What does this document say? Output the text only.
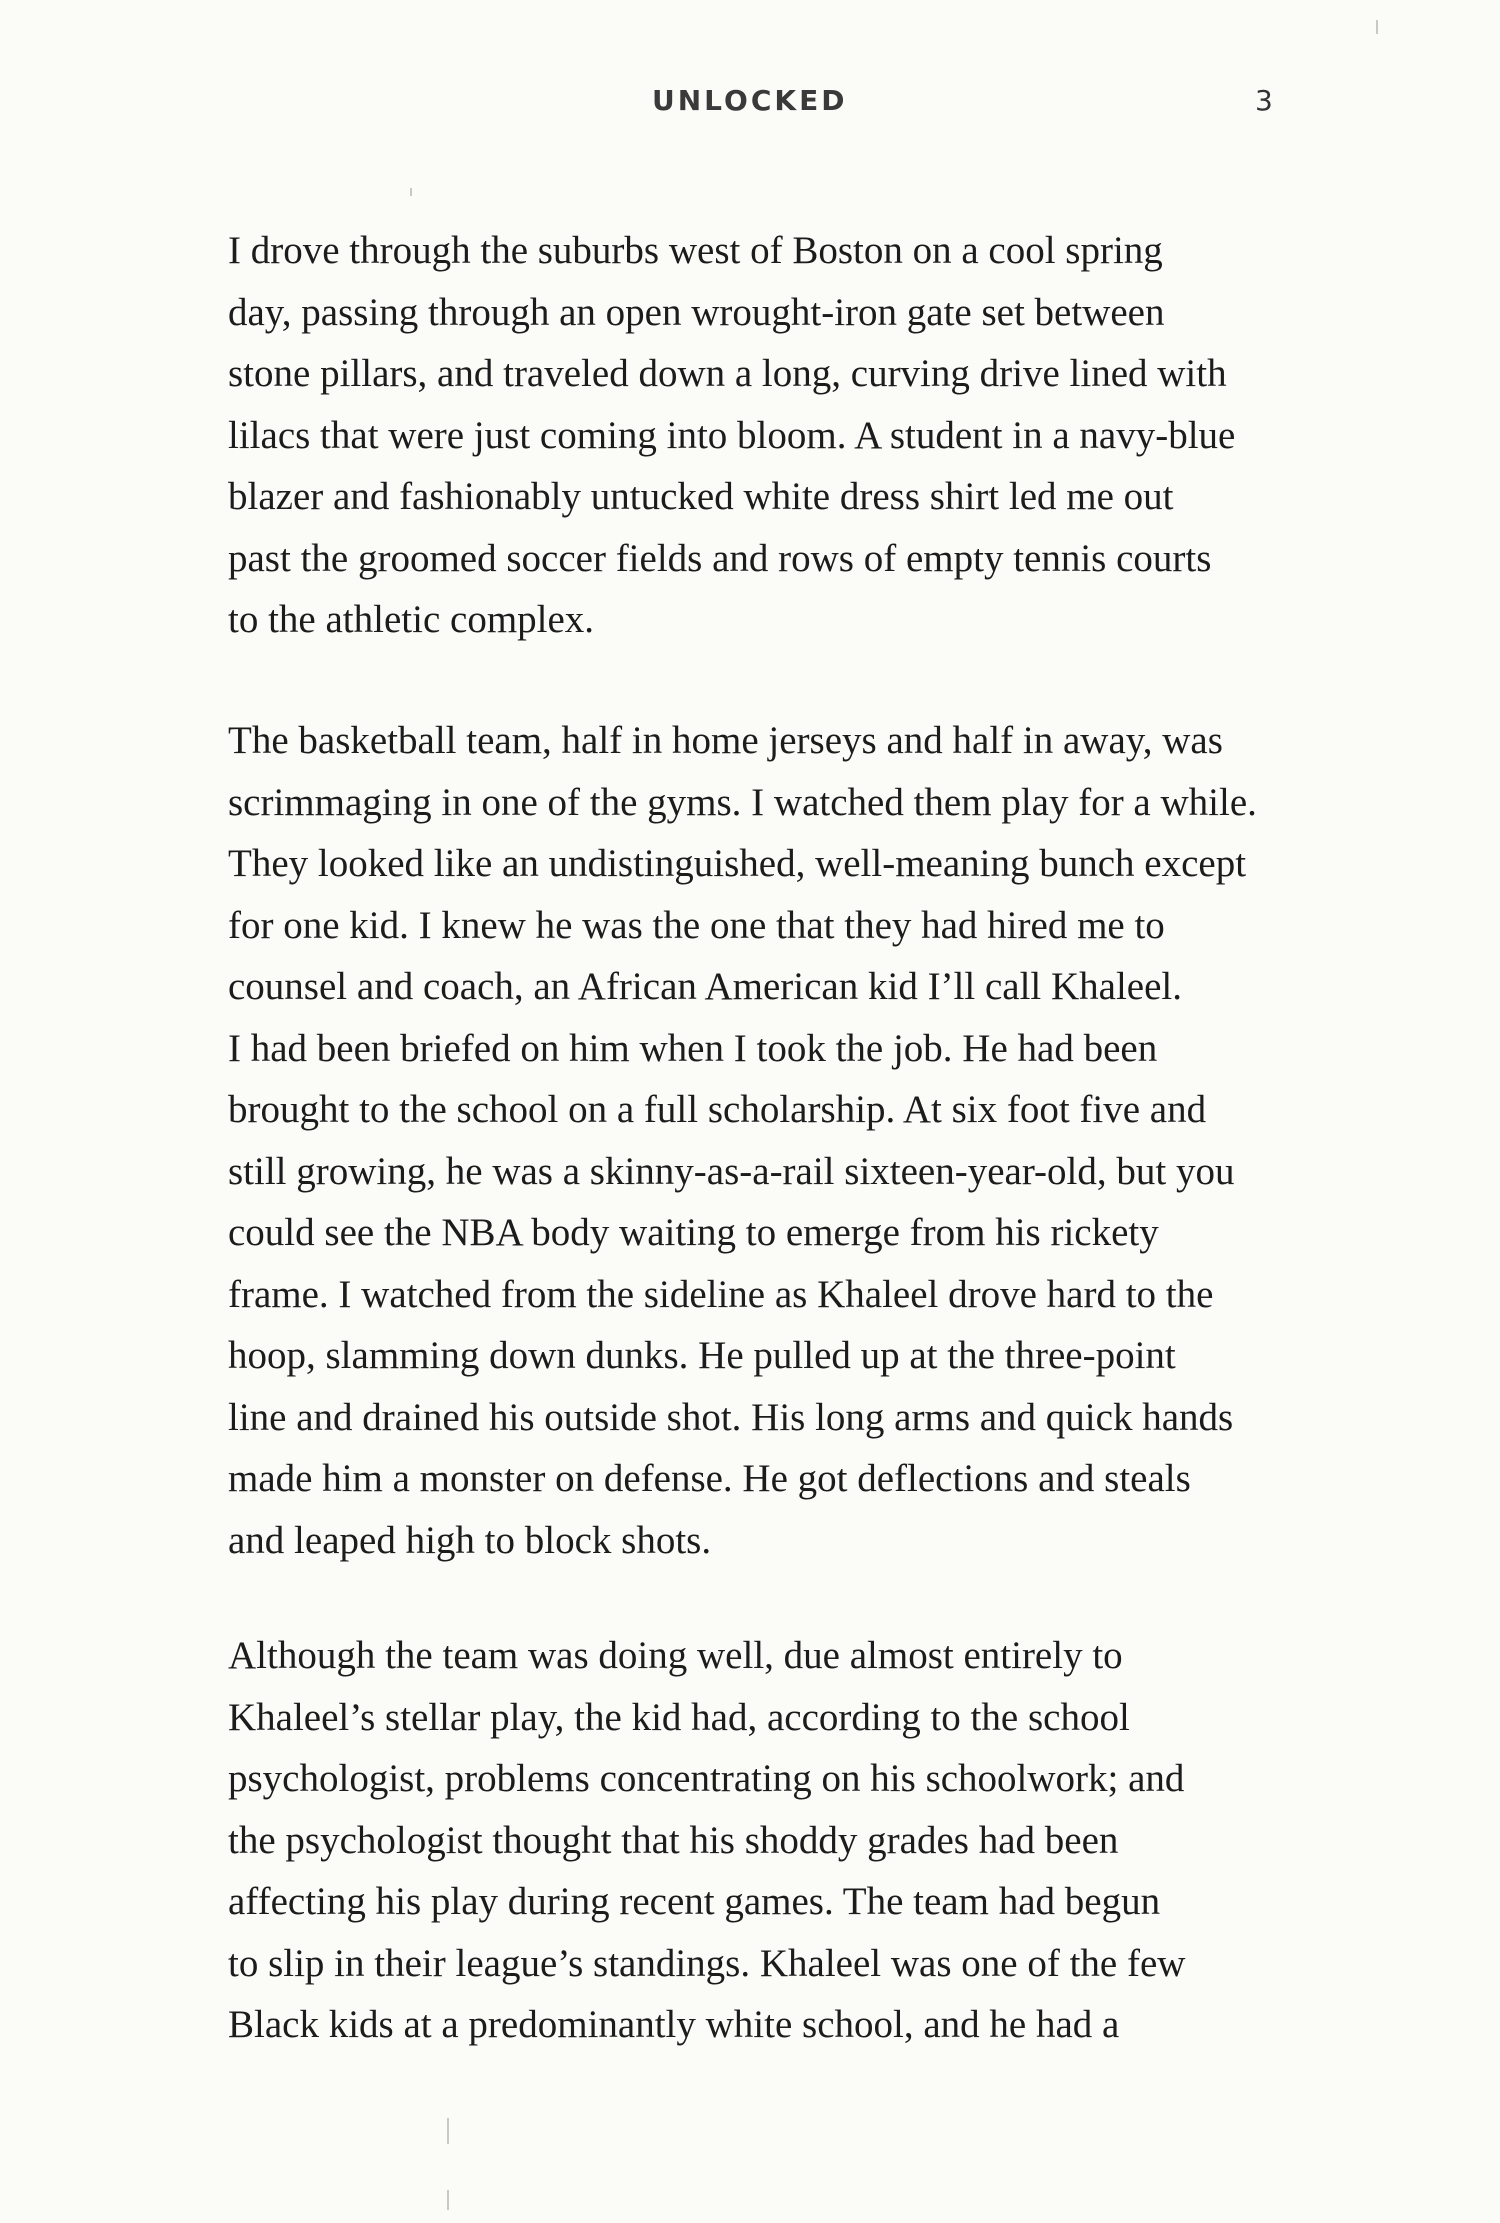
UNLOCKED	3
I drove through the suburbs west of Boston on a cool spring
day, passing through an open wrought-iron gate set between
stone pillars, and traveled down a long, curving drive lined with
lilacs that were just coming into bloom. A student in a navy-blue
blazer and fashionably untucked white dress shirt led me out
past the groomed soccer fields and rows of empty tennis courts
to the athletic complex.
The basketball team, half in home jerseys and half in away, was
scrimmaging in one of the gyms. I watched them play for a while.
They looked like an undistinguished, well-meaning bunch except
for one kid. I knew he was the one that they had hired me to
counsel and coach, an African American kid I’ll call Khaleel.
I had been briefed on him when I took the job. He had been
brought to the school on a full scholarship. At six foot five and
still growing, he was a skinny-as-a-rail sixteen-year-old, but you
could see the NBA body waiting to emerge from his rickety
frame. I watched from the sideline as Khaleel drove hard to the
hoop, slamming down dunks. He pulled up at the three-point
line and drained his outside shot. His long arms and quick hands
made him a monster on defense. He got deflections and steals
and leaped high to block shots.
Although the team was doing well, due almost entirely to
Khaleel’s stellar play, the kid had, according to the school
psychologist, problems concentrating on his schoolwork; and
the psychologist thought that his shoddy grades had been
affecting his play during recent games. The team had begun
to slip in their league’s standings. Khaleel was one of the few
Black kids at a predominantly white school, and he had a
